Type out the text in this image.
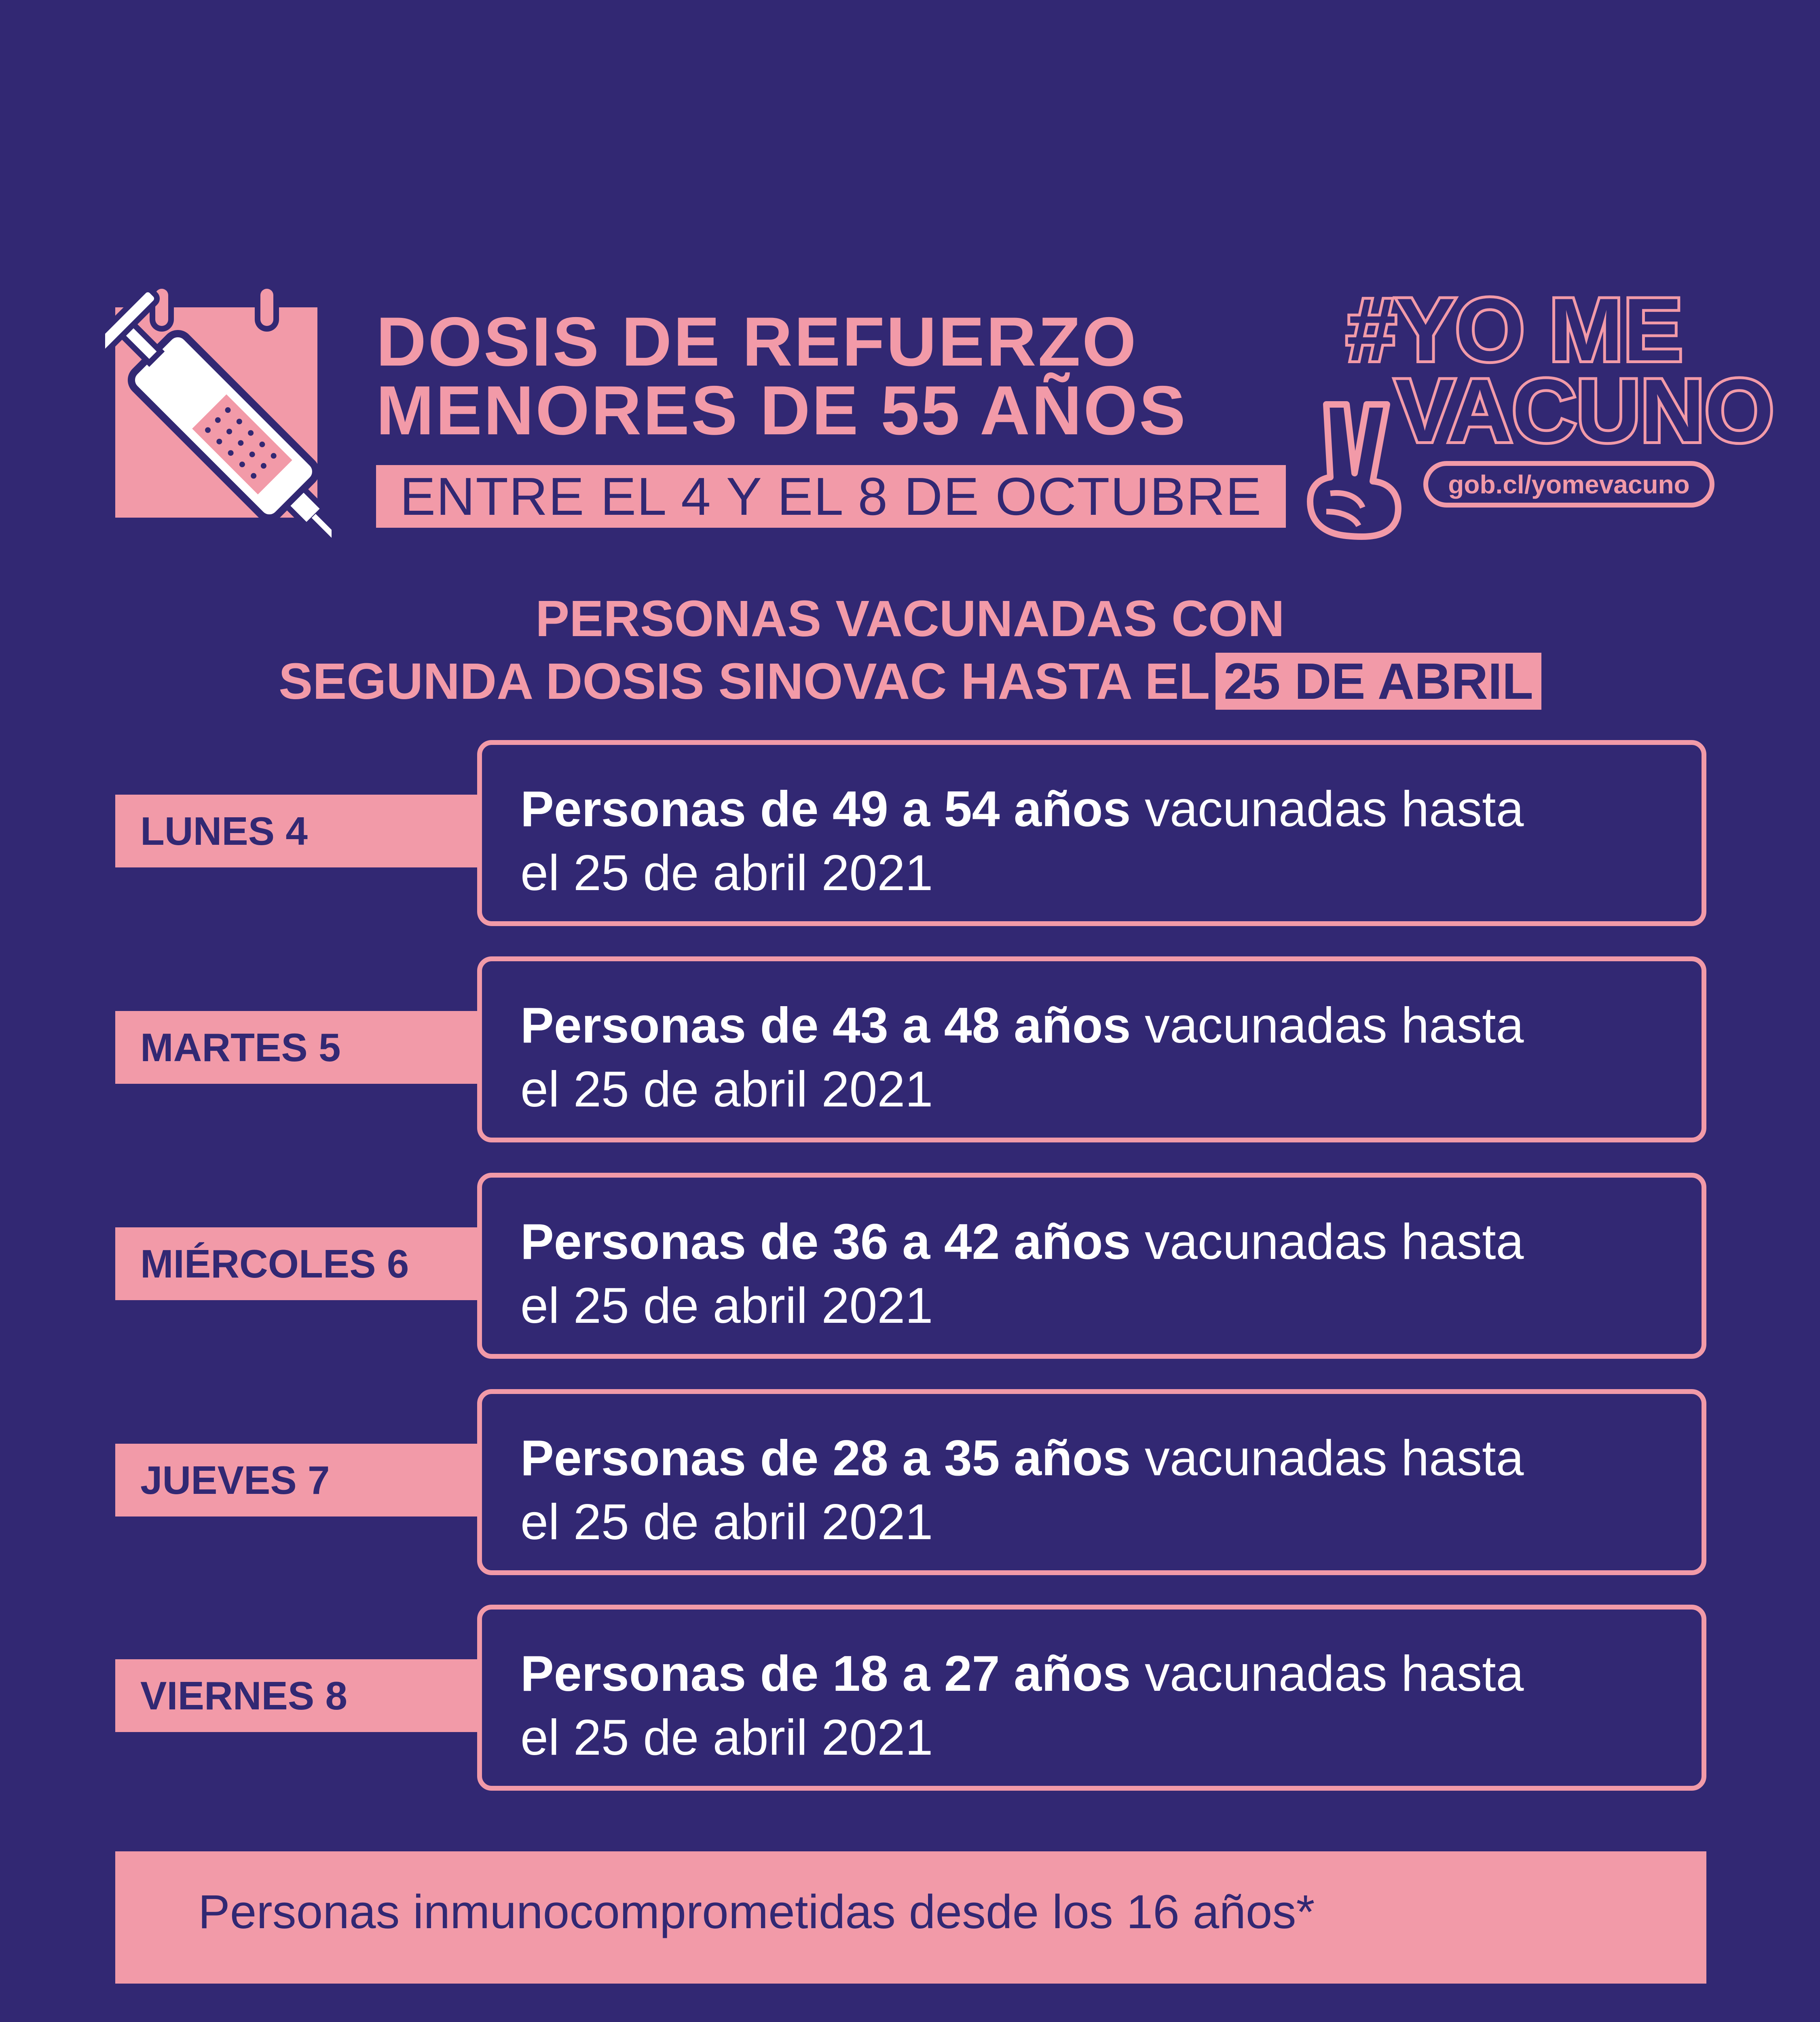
DOSIS DE REFUERZO
MENORES DE 55 AÑOS
ENTRE EL 4 Y EL 8 DE OCTUBRE
#YO ME
VACUNO
gob.cl/yomevacuno
PERSONAS VACUNADAS CON
SEGUNDA DOSIS SINOVAC HASTA EL 25 DE ABRIL
LUNES 4	Personas de 49 a 54 años vacunadas hasta
el 25 de abril 2021
MARTES 5	Personas de 43 a 48 años vacunadas hasta
el 25 de abril 2021
MIÉRCOLES 6	Personas de 36 a 42 años vacunadas hasta
el 25 de abril 2021
JUEVES 7	Personas de 28 a 35 años vacunadas hasta
el 25 de abril 2021
VIERNES 8	Personas de 18 a 27 años vacunadas hasta
el 25 de abril 2021
Personas inmunocomprometidas desde los 16 años*
